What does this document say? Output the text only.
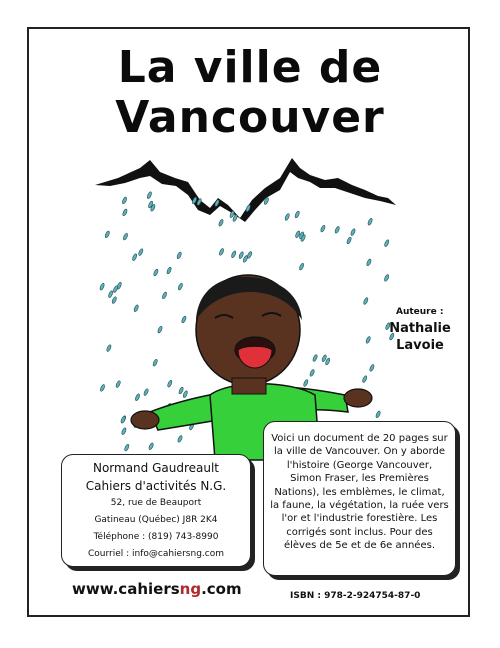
La ville de
Vancouver
Auteure :
Nathalie
Lavoie
Normand Gaudreault
Cahiers d'activités N.G.
52, rue de Beauport
Gatineau (Québec) J8R 2K4
Téléphone : (819) 743-8990
Courriel : info@cahiersng.com
Voici un document de 20 pages sur la ville de Vancouver. On y aborde l'histoire (George Vancouver, Simon Fraser, les Premières Nations), les emblèmes, le climat, la faune, la végétation, la ruée vers l'or et l'industrie forestière. Les corrigés sont inclus. Pour des élèves de 5e et de 6e années.
www.cahiersng.com	ISBN : 978-2-924754-87-0
